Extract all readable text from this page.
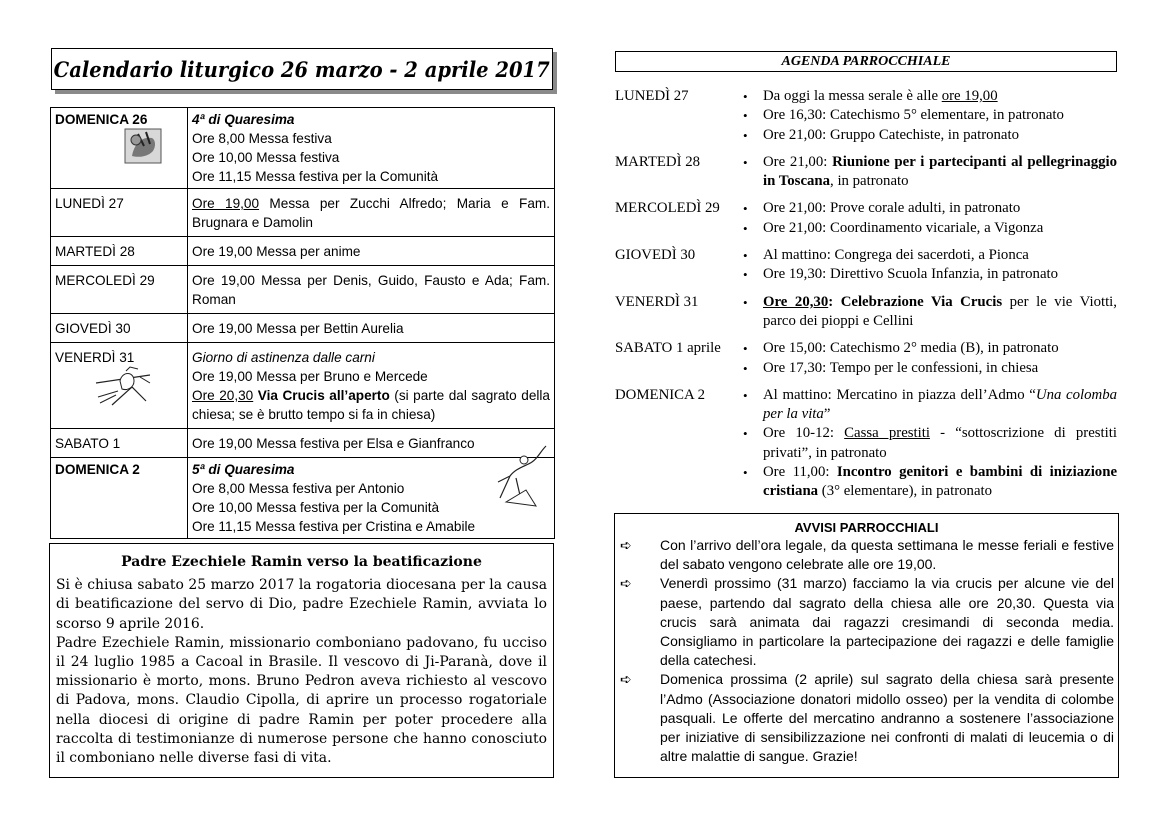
Calendario liturgico 26 marzo - 2 aprile 2017
DOMENICA 26	4ª di Quaresima
Ore 8,00 Messa festiva
Ore 10,00 Messa festiva
Ore 11,15 Messa festiva per la Comunità

LUNEDÌ 27	Ore 19,00 Messa per Zucchi Alfredo; Maria e Fam. Brugnara e Damolin
MARTEDÌ 28	Ore 19,00 Messa per anime
MERCOLEDÌ 29	Ore 19,00 Messa per Denis, Guido, Fausto e Ada; Fam. Roman
GIOVEDÌ 30	Ore 19,00 Messa per Bettin Aurelia
VENERDÌ 31	Giorno di astinenza dalle carni
Ore 19,00 Messa per Bruno e Mercede
Ore 20,30 Via Crucis all’aperto (si parte dal sagrato della chiesa; se è brutto tempo si fa in chiesa)

SABATO 1	Ore 19,00 Messa festiva per Elsa e Gianfranco
DOMENICA 2	5ª di Quaresima
Ore 8,00 Messa festiva per Antonio
Ore 10,00 Messa festiva per la Comunità
Ore 11,15 Messa festiva per Cristina e Amabile
Padre Ezechiele Ramin verso la beatificazione

Si è chiusa sabato 25 marzo 2017 la rogatoria diocesana per la causa di beatificazione del servo di Dio, padre Ezechiele Ramin, avviata lo scorso 9 aprile 2016.

Padre Ezechiele Ramin, missionario comboniano padovano, fu ucciso il 24 luglio 1985 a Cacoal in Brasile. Il vescovo di Ji-Paranà, dove il missionario è morto, mons. Bruno Pedron aveva richiesto al vescovo di Padova, mons. Claudio Cipolla, di aprire un processo rogatoriale nella diocesi di origine di padre Ramin per poter procedere alla raccolta di testimonianze di numerose persone che hanno conosciuto il comboniano nelle diverse fasi di vita.

AGENDA PARROCCHIALE
LUNEDÌ 27	• Da oggi la messa serale è alle ore 19,00
• Ore 16,30: Catechismo 5° elementare, in patronato
• Ore 21,00: Gruppo Catechiste, in patronato
MARTEDÌ 28	• Ore 21,00: Riunione per i partecipanti al pellegrinaggio in Toscana, in patronato
MERCOLEDÌ 29	• Ore 21,00: Prove corale adulti, in patronato
• Ore 21,00: Coordinamento vicariale, a Vigonza
GIOVEDÌ 30	• Al mattino: Congrega dei sacerdoti, a Pionca
• Ore 19,30: Direttivo Scuola Infanzia, in patronato
VENERDÌ 31	• Ore 20,30: Celebrazione Via Crucis per le vie Viotti, parco dei pioppi e Cellini
SABATO 1 aprile	• Ore 15,00: Catechismo 2° media (B), in patronato
• Ore 17,30: Tempo per le confessioni, in chiesa
DOMENICA 2	• Al mattino: Mercatino in piazza dell’Admo “Una colomba per la vita”
• Ore 10-12: Cassa prestiti - “sottoscrizione di prestiti privati”, in patronato
• Ore 11,00: Incontro genitori e bambini di iniziazione cristiana (3° elementare), in patronato
AVVISI PARROCCHIALI
➪	Con l’arrivo dell’ora legale, da questa settimana le messe feriali e festive del sabato vengono celebrate alle ore 19,00.
➪	Venerdì prossimo (31 marzo) facciamo la via crucis per alcune vie del paese, partendo dal sagrato della chiesa alle ore 20,30. Questa via crucis sarà animata dai ragazzi cresimandi di seconda media. Consigliamo in particolare la partecipazione dei ragazzi e delle famiglie della catechesi.
➪	Domenica prossima (2 aprile) sul sagrato della chiesa sarà presente l’Admo (Associazione donatori midollo osseo) per la vendita di colombe pasquali. Le offerte del mercatino andranno a sostenere l’associazione per iniziative di sensibilizzazione nei confronti di malati di leucemia o di altre malattie di sangue. Grazie!
